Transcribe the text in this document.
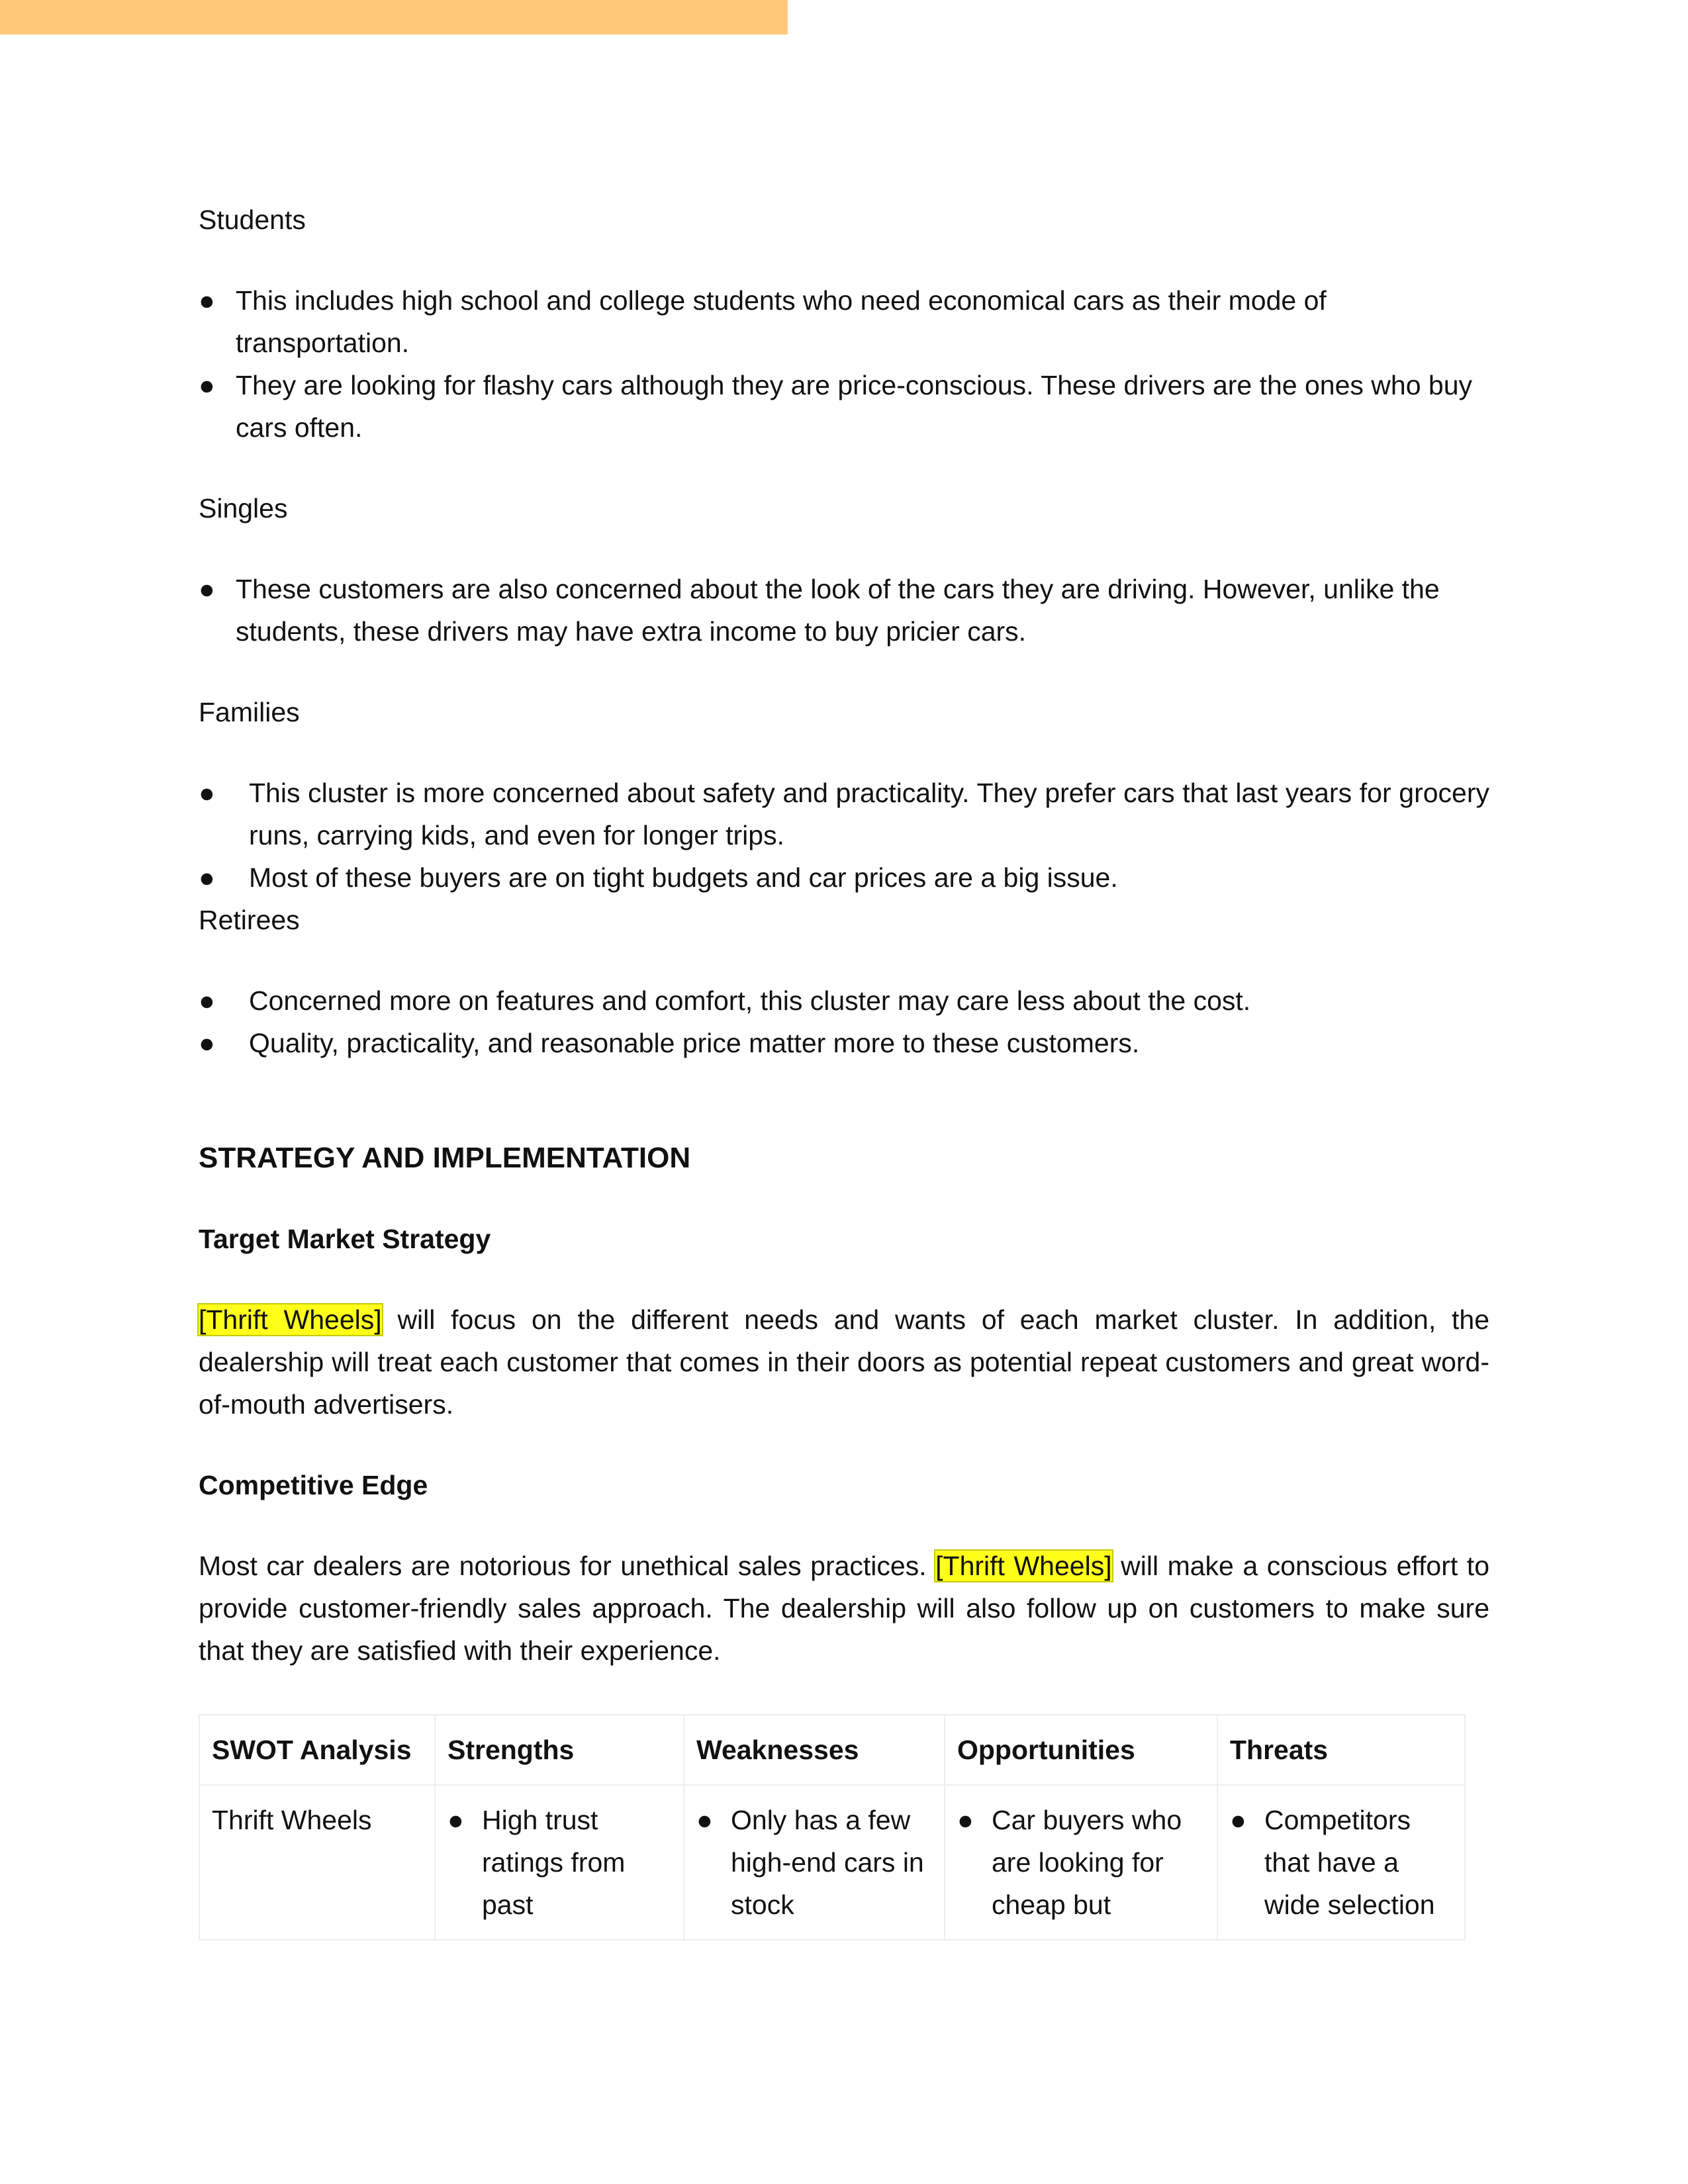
Students

● This includes high school and college students who need economical cars as their mode of transportation.
● They are looking for flashy cars although they are price-conscious. These drivers are the ones who buy cars often.

Singles

● These customers are also concerned about the look of the cars they are driving. However, unlike the students, these drivers may have extra income to buy pricier cars.

Families

● This cluster is more concerned about safety and practicality. They prefer cars that last years for grocery runs, carrying kids, and even for longer trips.
● Most of these buyers are on tight budgets and car prices are a big issue.

Retirees

● Concerned more on features and comfort, this cluster may care less about the cost.
● Quality, practicality, and reasonable price matter more to these customers.
STRATEGY AND IMPLEMENTATION
Target Market Strategy

[Thrift Wheels] will focus on the different needs and wants of each market cluster. In addition, the dealership will treat each customer that comes in their doors as potential repeat customers and great word-of-mouth advertisers.

Competitive Edge

Most car dealers are notorious for unethical sales practices. [Thrift Wheels] will make a conscious effort to provide customer-friendly sales approach. The dealership will also follow up on customers to make sure that they are satisfied with their experience.

SWOT Analysis	Strengths	Weaknesses	Opportunities	Threats
Thrift Wheels	● High trust ratings from past	● Only has a few high-end cars in stock	● Car buyers who are looking for cheap but	● Competitors that have a wide selection
